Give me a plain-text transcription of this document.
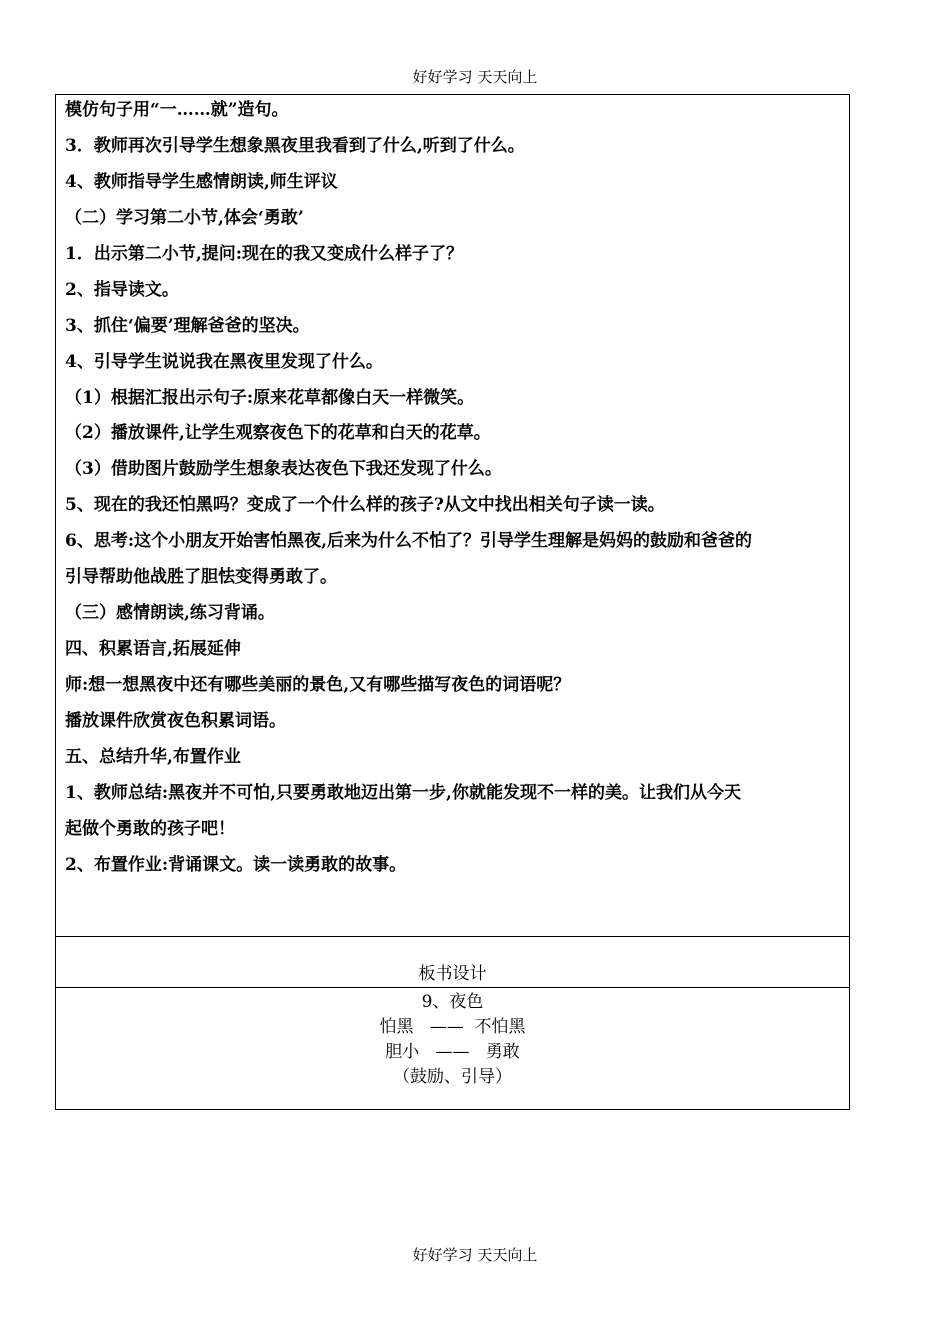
好好学习 天天向上
模仿句子用“一……就”造句。
3．教师再次引导学生想象黑夜里我看到了什么,听到了什么。
4、教师指导学生感情朗读,师生评议
（二）学习第二小节,体会‘勇敢’
1．出示第二小节,提问:现在的我又变成什么样子了？
2、指导读文。
3、抓住‘偏要’理解爸爸的坚决。
4、引导学生说说我在黑夜里发现了什么。
（1）根据汇报出示句子:原来花草都像白天一样微笑。
（2）播放课件,让学生观察夜色下的花草和白天的花草。
（3）借助图片鼓励学生想象表达夜色下我还发现了什么。
5、现在的我还怕黑吗？变成了一个什么样的孩子?从文中找出相关句子读一读。
6、思考:这个小朋友开始害怕黑夜,后来为什么不怕了？引导学生理解是妈妈的鼓励和爸爸的
引导帮助他战胜了胆怯变得勇敢了。
（三）感情朗读,练习背诵。
四、积累语言,拓展延伸
师:想一想黑夜中还有哪些美丽的景色,又有哪些描写夜色的词语呢？
播放课件欣赏夜色积累词语。
五、总结升华,布置作业
1、教师总结:黑夜并不可怕,只要勇敢地迈出第一步,你就能发现不一样的美。让我们从今天
起做个勇敢的孩子吧！
2、布置作业:背诵课文。读一读勇敢的故事。
板书设计
9、夜色
怕黑   ——  不怕黑
胆小   ——   勇敢
（鼓励、引导）
好好学习 天天向上
